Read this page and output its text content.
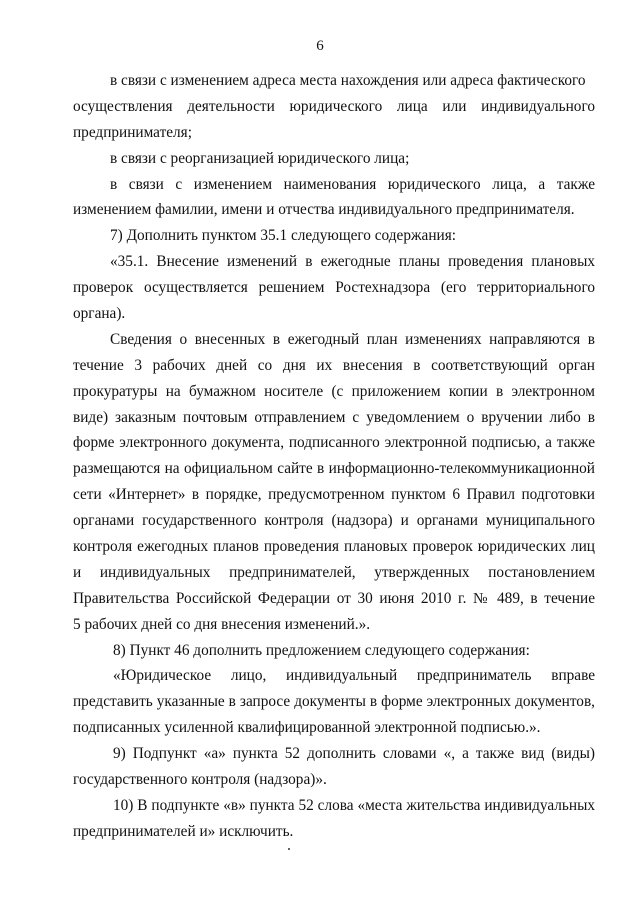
6
в связи с изменением адреса места нахождения или адреса фактического
осуществления деятельности юридического лица или индивидуального
предпринимателя;
в связи с реорганизацией юридического лица;
в связи с изменением наименования юридического лица, а также
изменением фамилии, имени и отчества индивидуального предпринимателя.
7) Дополнить пунктом 35.1 следующего содержания:
«35.1. Внесение изменений в ежегодные планы проведения плановых
проверок осуществляется решением Ростехнадзора (его территориального
органа).
Сведения о внесенных в ежегодный план изменениях направляются в
течение 3 рабочих дней со дня их внесения в соответствующий орган
прокуратуры на бумажном носителе (с приложением копии в электронном
виде) заказным почтовым отправлением с уведомлением о вручении либо в
форме электронного документа, подписанного электронной подписью, а также
размещаются на официальном сайте в информационно-телекоммуникационной
сети «Интернет» в порядке, предусмотренном пунктом 6 Правил подготовки
органами государственного контроля (надзора) и органами муниципального
контроля ежегодных планов проведения плановых проверок юридических лиц
и индивидуальных предпринимателей, утвержденных постановлением
Правительства Российской Федерации от 30 июня 2010 г. № 489, в течение
5 рабочих дней со дня внесения изменений.».
8) Пункт 46 дополнить предложением следующего содержания:
«Юридическое лицо, индивидуальный предприниматель вправе
представить указанные в запросе документы в форме электронных документов,
подписанных усиленной квалифицированной электронной подписью.».
9) Подпункт «а» пункта 52 дополнить словами «, а также вид (виды)
государственного контроля (надзора)».
10) В подпункте «в» пункта 52 слова «места жительства индивидуальных
предпринимателей и» исключить.
